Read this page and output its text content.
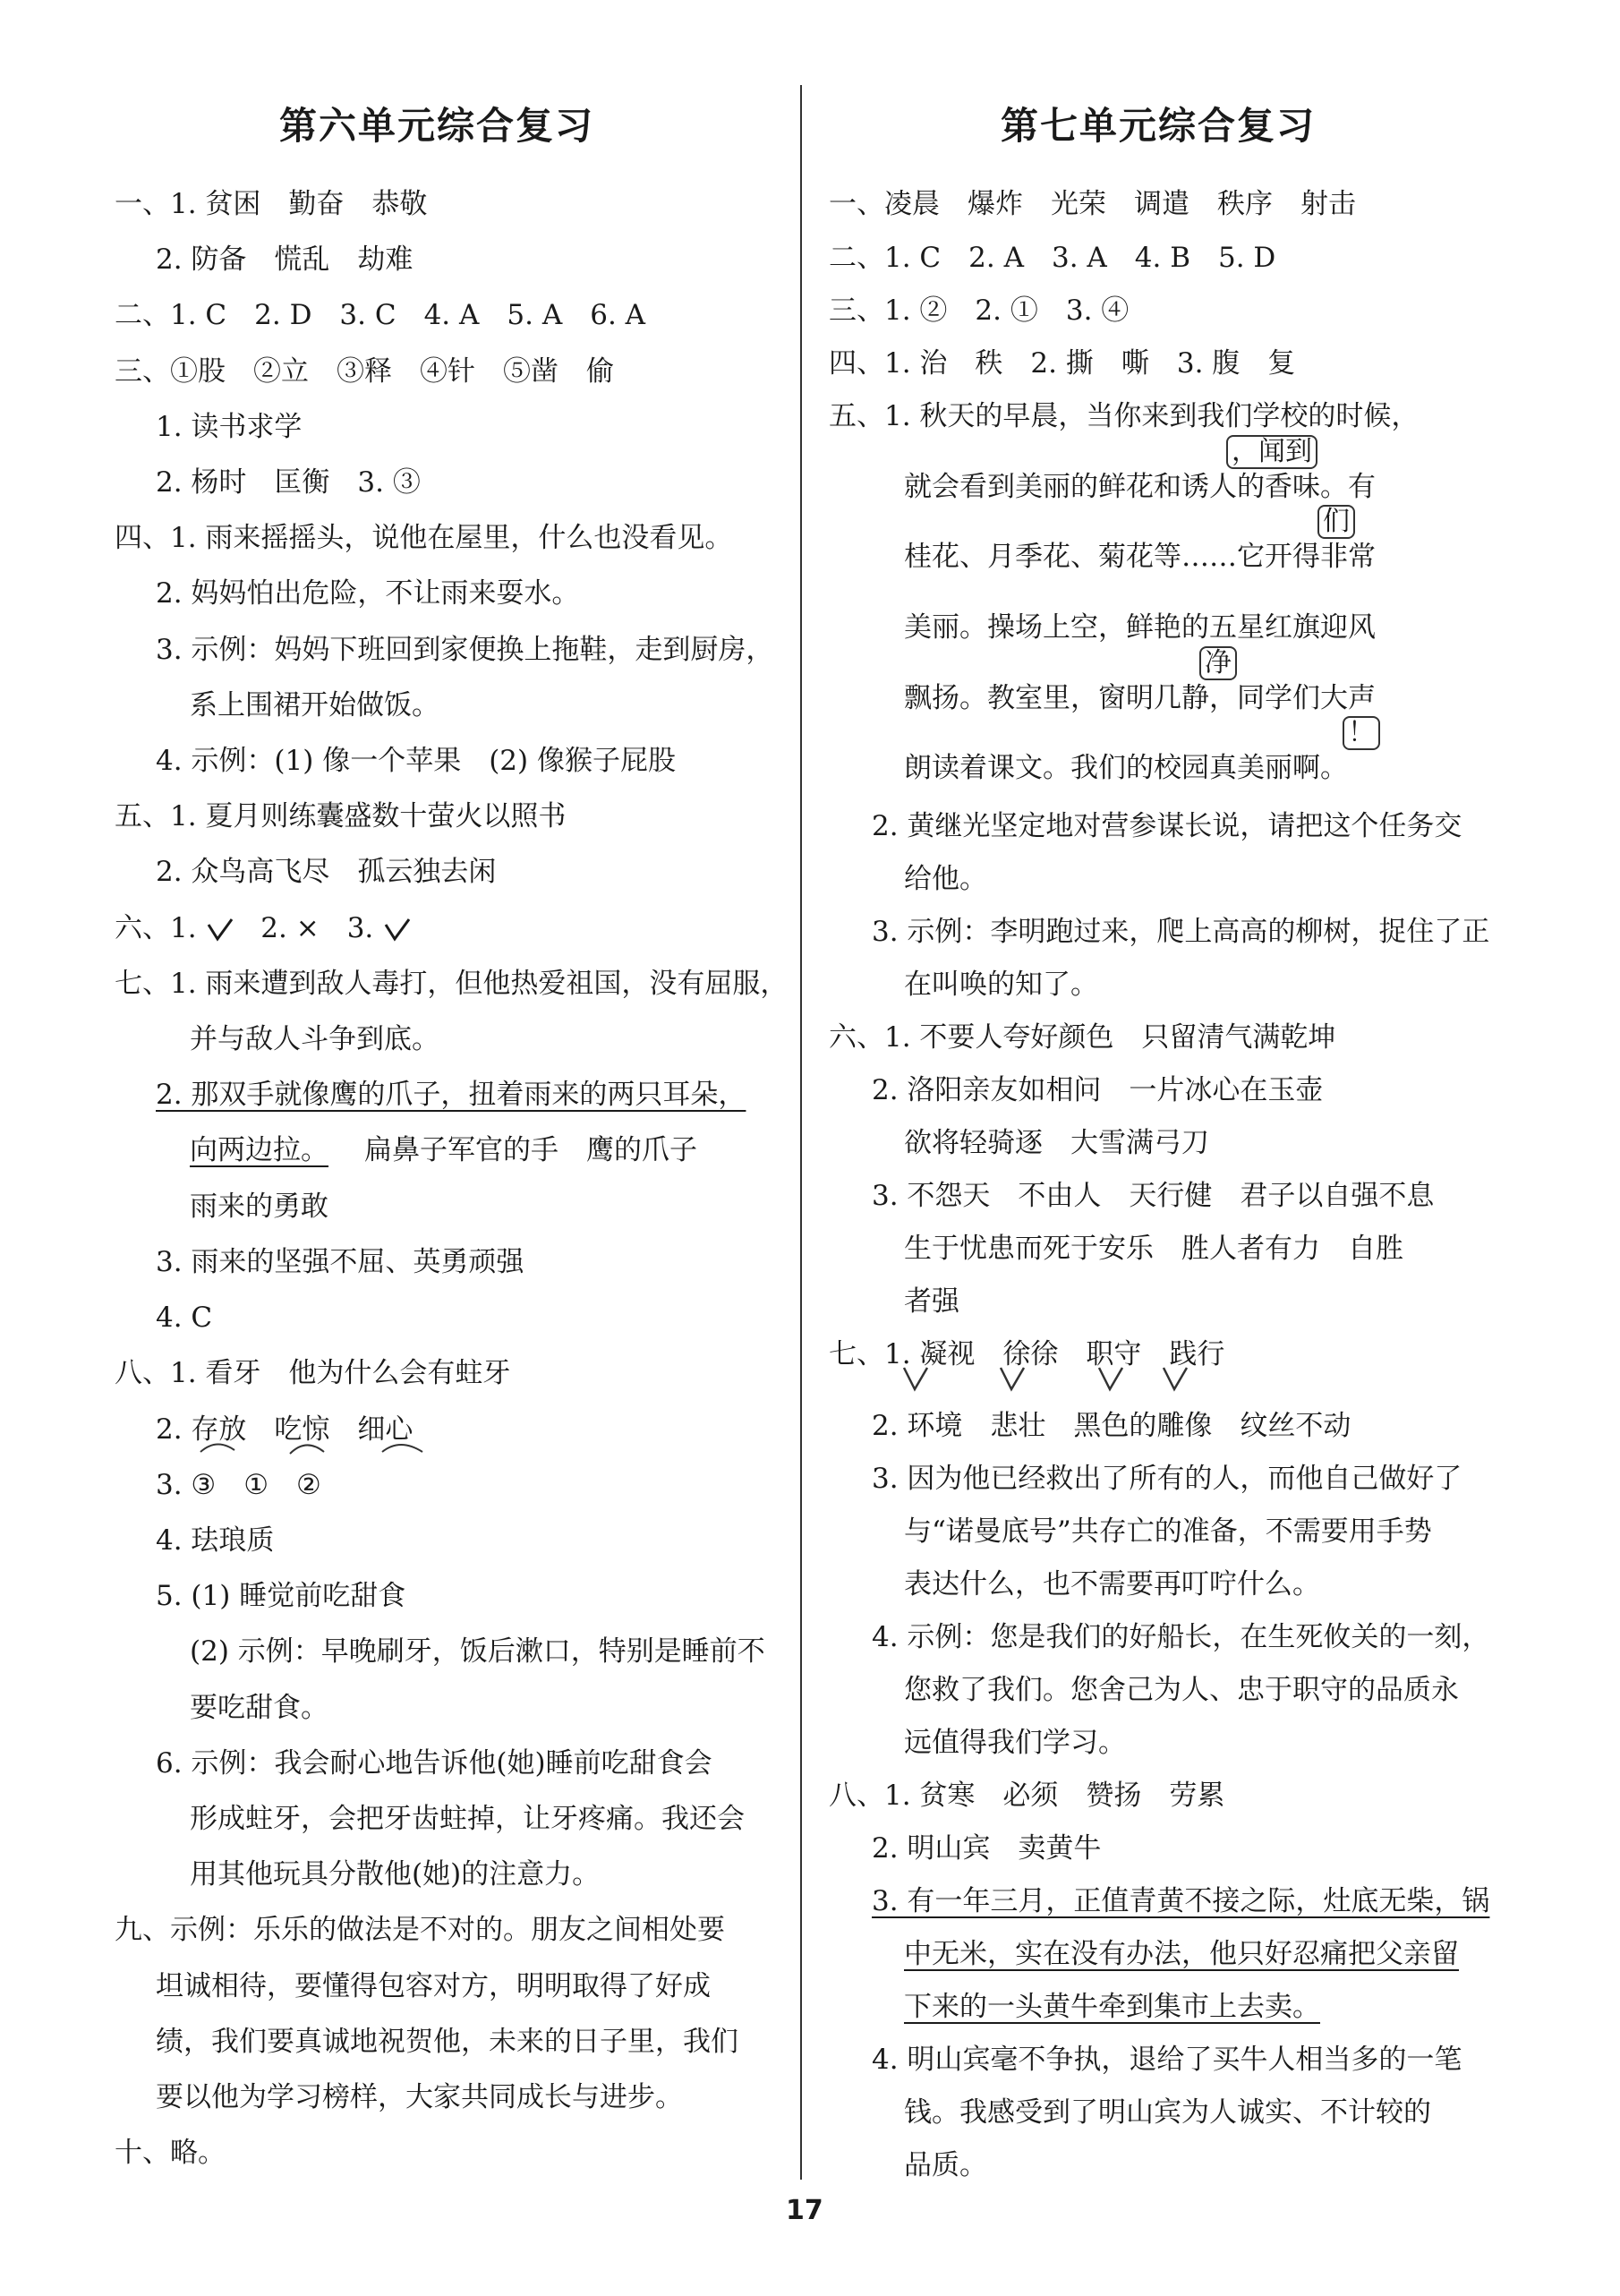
第六单元综合复习
一、1. 贫困　勤奋　恭敬
2. 防备　慌乱　劫难
二、1. C　2. D　3. C　4. A　5. A　6. A
三、①股　②立　③释　④针　⑤凿　偷
1. 读书求学
2. 杨时　匡衡　3. ③
四、1. 雨来摇摇头，说他在屋里，什么也没看见。
2. 妈妈怕出危险，不让雨来耍水。
3. 示例：妈妈下班回到家便换上拖鞋，走到厨房，
系上围裙开始做饭。
4. 示例：(1) 像一个苹果　(2) 像猴子屁股
五、1. 夏月则练囊盛数十萤火以照书
2. 众鸟高飞尽　孤云独去闲
六、1. 2. ×　3.
七、1. 雨来遭到敌人毒打，但他热爱祖国，没有屈服，
并与敌人斗争到底。
2. 那双手就像鹰的爪子，扭着雨来的两只耳朵，
向两边拉。 扁鼻子军官的手　鹰的爪子
雨来的勇敢
3. 雨来的坚强不屈、英勇顽强
4. C
八、1. 看牙　他为什么会有蛀牙
2. 存放　吃惊　细心
3. ③　①　②
4. 珐琅质
5. (1) 睡觉前吃甜食
(2) 示例：早晚刷牙，饭后漱口，特别是睡前不
要吃甜食。
6. 示例：我会耐心地告诉他(她)睡前吃甜食会
形成蛀牙，会把牙齿蛀掉，让牙疼痛。我还会
用其他玩具分散他(她)的注意力。
九、示例：乐乐的做法是不对的。朋友之间相处要
坦诚相待，要懂得包容对方，明明取得了好成
绩，我们要真诚地祝贺他，未来的日子里，我们
要以他为学习榜样，大家共同成长与进步。
十、略。
第七单元综合复习
一、凌晨　爆炸　光荣　调遣　秩序　射击
二、1. C　2. A　3. A　4. B　5. D
三、1. ②　2. ①　3. ④
四、1. 治　秩　2. 撕　嘶　3. 腹　复
五、1. 秋天的早晨，当你来到我们学校的时候，
，闻到
就会看到美丽的鲜花和诱人的香味。有
们
桂花、月季花、菊花等……它开得非常
美丽。操场上空，鲜艳的五星红旗迎风
净
飘扬。教室里，窗明几静，同学们大声
！
朗读着课文。我们的校园真美丽啊。
2. 黄继光坚定地对营参谋长说，请把这个任务交
给他。
3. 示例：李明跑过来，爬上高高的柳树，捉住了正
在叫唤的知了。
六、1. 不要人夸好颜色　只留清气满乾坤
2. 洛阳亲友如相问　一片冰心在玉壶
欲将轻骑逐　大雪满弓刀
3. 不怨天　不由人　天行健　君子以自强不息
生于忧患而死于安乐　胜人者有力　自胜
者强
七、1. 凝视　徐徐　职守　践行
2. 环境　悲壮　黑色的雕像　纹丝不动
3. 因为他已经救出了所有的人，而他自己做好了
与“诺曼底号”共存亡的准备，不需要用手势
表达什么，也不需要再叮咛什么。
4. 示例：您是我们的好船长，在生死攸关的一刻，
您救了我们。您舍己为人、忠于职守的品质永
远值得我们学习。
八、1. 贫寒　必须　赞扬　劳累
2. 明山宾　卖黄牛
3. 有一年三月，正值青黄不接之际，灶底无柴，锅
中无米，实在没有办法，他只好忍痛把父亲留
下来的一头黄牛牵到集市上去卖。
4. 明山宾毫不争执，退给了买牛人相当多的一笔
钱。我感受到了明山宾为人诚实、不计较的
品质。
17
